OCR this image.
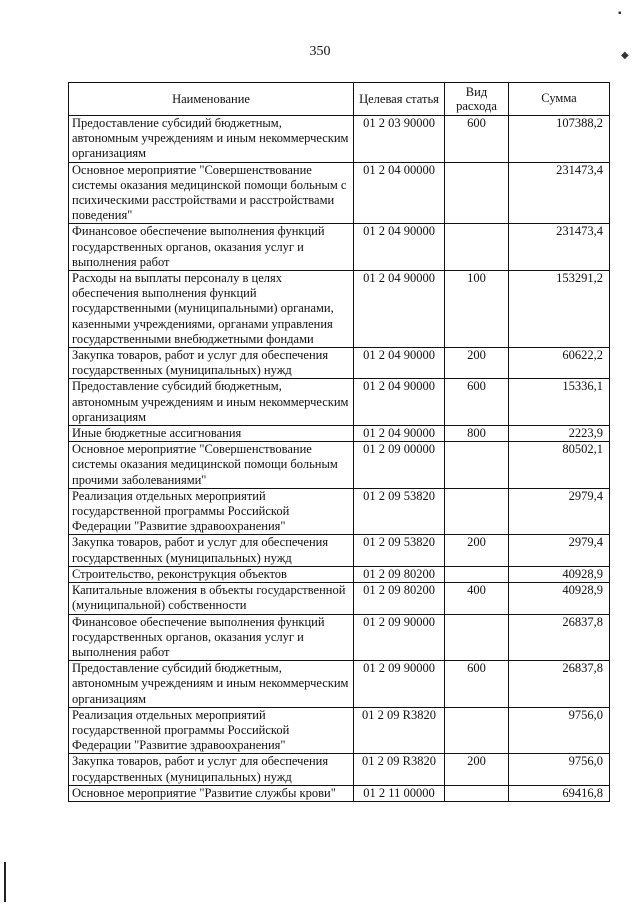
350
▪
◆
Наименование	Целевая статья	Вид расхода	Сумма
Предоставление субсидий бюджетным, автономным учреждениям и иным некоммерческим организациям	01 2 03 90000	600	107388,2
Основное мероприятие "Совершенствование системы оказания медицинской помощи больным с психическими расстройствами и расстройствами поведения"	01 2 04 00000		231473,4
Финансовое обеспечение выполнения функций государственных органов, оказания услуг и выполнения работ	01 2 04 90000		231473,4
Расходы на выплаты персоналу в целях обеспечения выполнения функций государственными (муниципальными) органами, казенными учреждениями, органами управления государственными внебюджетными фондами	01 2 04 90000	100	153291,2
Закупка товаров, работ и услуг для обеспечения государственных (муниципальных) нужд	01 2 04 90000	200	60622,2
Предоставление субсидий бюджетным, автономным учреждениям и иным некоммерческим организациям	01 2 04 90000	600	15336,1
Иные бюджетные ассигнования	01 2 04 90000	800	2223,9
Основное мероприятие "Совершенствование системы оказания медицинской помощи больным прочими заболеваниями"	01 2 09 00000		80502,1
Реализация отдельных мероприятий государственной программы Российской Федерации "Развитие здравоохранения"	01 2 09 53820		2979,4
Закупка товаров, работ и услуг для обеспечения государственных (муниципальных) нужд	01 2 09 53820	200	2979,4
Строительство, реконструкция объектов	01 2 09 80200		40928,9
Капитальные вложения в объекты государственной (муниципальной) собственности	01 2 09 80200	400	40928,9
Финансовое обеспечение выполнения функций государственных органов, оказания услуг и выполнения работ	01 2 09 90000		26837,8
Предоставление субсидий бюджетным, автономным учреждениям и иным некоммерческим организациям	01 2 09 90000	600	26837,8
Реализация отдельных мероприятий государственной программы Российской Федерации "Развитие здравоохранения"	01 2 09 R3820		9756,0
Закупка товаров, работ и услуг для обеспечения государственных (муниципальных) нужд	01 2 09 R3820	200	9756,0
Основное мероприятие "Развитие службы крови"	01 2 11 00000		69416,8
